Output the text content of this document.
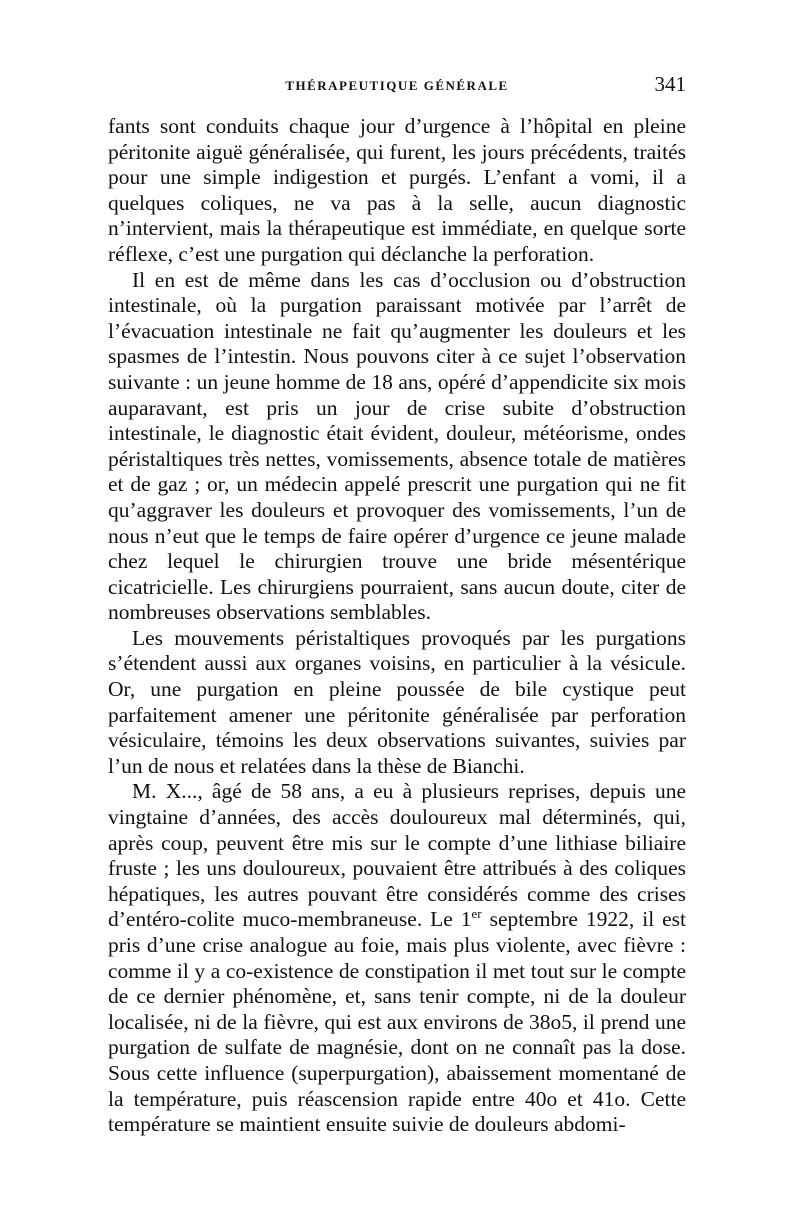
THÉRAPEUTIQUE GÉNÉRALE	341

fants sont conduits chaque jour d’urgence à l’hôpital en pleine péritonite aiguë généralisée, qui furent, les jours précédents, traités pour une simple indigestion et purgés. L’enfant a vomi, il a quelques coliques, ne va pas à la selle, aucun diagnostic n’intervient, mais la thérapeutique est immédiate, en quelque sorte réflexe, c’est une purgation qui déclanche la perforation.

Il en est de même dans les cas d’occlusion ou d’obstruction intestinale, où la purgation paraissant motivée par l’arrêt de l’évacuation intestinale ne fait qu’augmenter les douleurs et les spasmes de l’intestin. Nous pouvons citer à ce sujet l’observation suivante : un jeune homme de 18 ans, opéré d’appendicite six mois auparavant, est pris un jour de crise subite d’obstruction intestinale, le diagnostic était évident, douleur, météorisme, ondes péristaltiques très nettes, vomissements, absence totale de matières et de gaz ; or, un médecin appelé prescrit une purgation qui ne fit qu’aggraver les douleurs et provoquer des vomissements, l’un de nous n’eut que le temps de faire opérer d’urgence ce jeune malade chez lequel le chirurgien trouve une bride mésentérique cicatricielle. Les chirurgiens pourraient, sans aucun doute, citer de nombreuses observations semblables.

Les mouvements péristaltiques provoqués par les purgations s’étendent aussi aux organes voisins, en particulier à la vésicule. Or, une purgation en pleine poussée de bile cystique peut parfaitement amener une péritonite généralisée par perforation vésiculaire, témoins les deux observations suivantes, suivies par l’un de nous et relatées dans la thèse de Bianchi.

M. X..., âgé de 58 ans, a eu à plusieurs reprises, depuis une vingtaine d’années, des accès douloureux mal déterminés, qui, après coup, peuvent être mis sur le compte d’une lithiase biliaire fruste ; les uns douloureux, pouvaient être attribués à des coliques hépatiques, les autres pouvant être considérés comme des crises d’entéro-colite muco-membraneuse. Le 1er septembre 1922, il est pris d’une crise analogue au foie, mais plus violente, avec fièvre : comme il y a co-existence de constipation il met tout sur le compte de ce dernier phénomène, et, sans tenir compte, ni de la douleur localisée, ni de la fièvre, qui est aux environs de 38o5, il prend une purgation de sulfate de magnésie, dont on ne connaît pas la dose. Sous cette influence (superpurgation), abaissement momentané de la température, puis réascension rapide entre 40o et 41o. Cette température se maintient ensuite suivie de douleurs abdomi-
